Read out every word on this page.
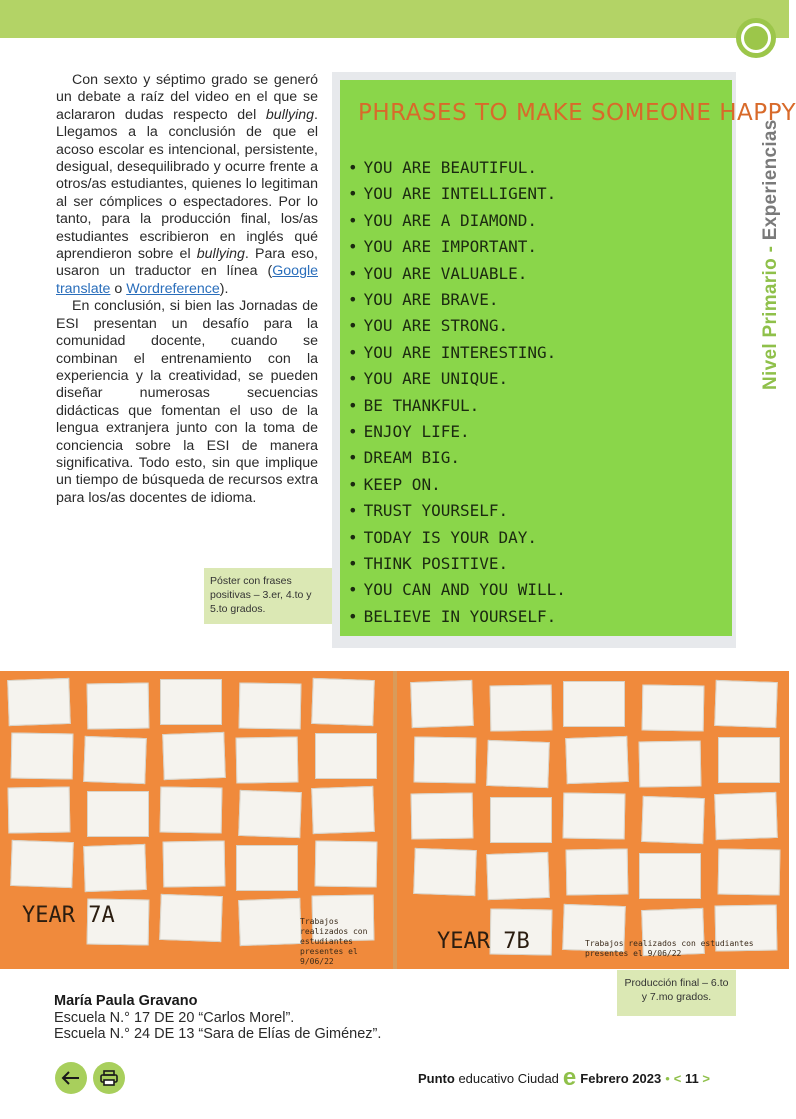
Nivel Primario - Experiencias

Con sexto y séptimo grado se generó un debate a raíz del video en el que se aclararon dudas respecto del bullying. Llegamos a la conclusión de que el acoso escolar es intencional, persistente, desigual, desequilibrado y ocurre frente a otros/as estudiantes, quienes lo legitiman al ser cómplices o espectadores. Por lo tanto, para la producción final, los/as estudiantes escribieron en inglés qué aprendieron sobre el bullying. Para eso, usaron un traductor en línea (Google translate o Wordreference).

En conclusión, si bien las Jornadas de ESI presentan un desafío para la comunidad docente, cuando se combinan el entrenamiento con la experiencia y la creatividad, se pueden diseñar numerosas secuencias didácticas que fomentan el uso de la lengua extranjera junto con la toma de conciencia sobre la ESI de manera significativa. Todo esto, sin que implique un tiempo de búsqueda de recursos extra para los/as docentes de idioma.

PHRASES TO MAKE SOMEONE HAPPY
• YOU ARE BEAUTIFUL.
• YOU ARE INTELLIGENT.
• YOU ARE A DIAMOND.
• YOU ARE IMPORTANT.
• YOU ARE VALUABLE.
• YOU ARE BRAVE.
• YOU ARE STRONG.
• YOU ARE INTERESTING.
• YOU ARE UNIQUE.
• BE THANKFUL.
• ENJOY LIFE.
• DREAM BIG.
• KEEP ON.
• TRUST YOURSELF.
• TODAY IS YOUR DAY.
• THINK POSITIVE.
• YOU CAN AND YOU WILL.
• BELIEVE IN YOURSELF.
Póster con frases positivas – 3.er, 4.to y 5.to grados.
YEAR 7A	Trabajos realizados con estudiantes presentes el 9/06/22
YEAR 7B	Trabajos realizados con estudiantes presentes el 9/06/22
Producción final – 6.to y 7.mo grados.
María Paula Gravano
Escuela N.° 17 DE 20 “Carlos Morel”.
Escuela N.° 24 DE 13 “Sara de Elías de Giménez”.
Punto
educativo Ciudad e Febrero 2023 • <
11
>
